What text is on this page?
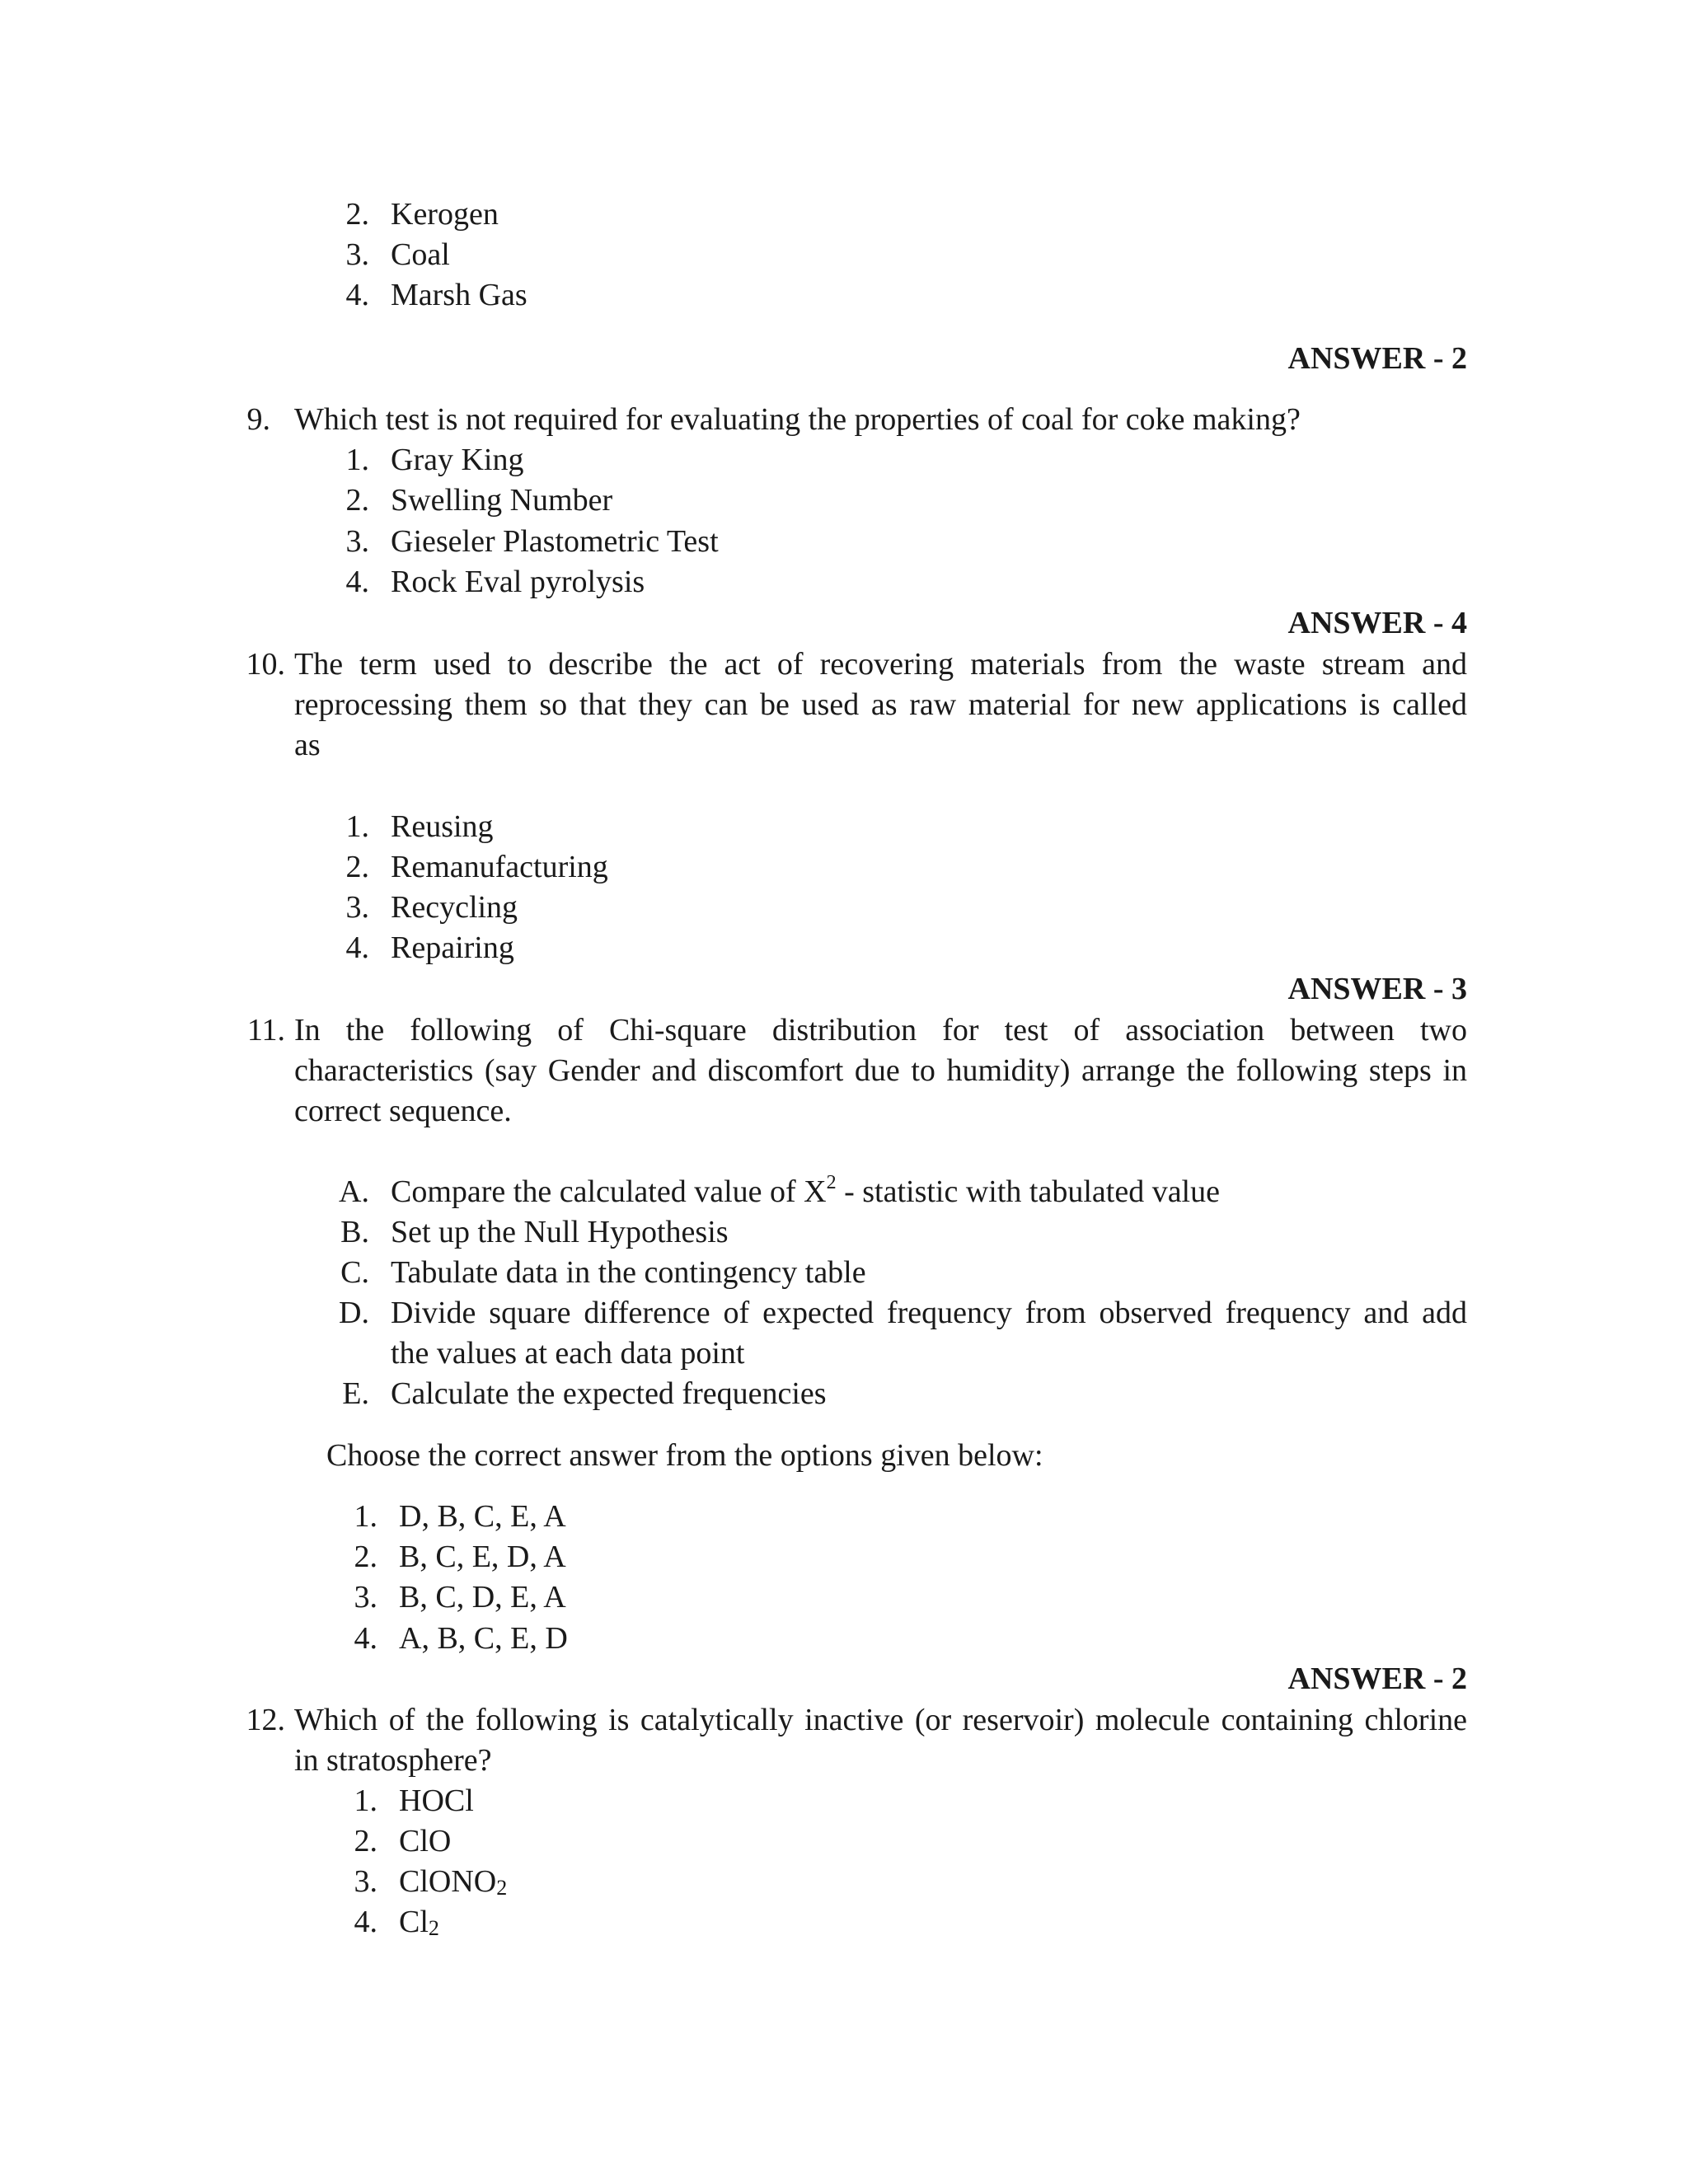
2. Kerogen
3. Coal
4. Marsh Gas
ANSWER - 2
9. Which test is not required for evaluating the properties of coal for coke making?
1. Gray King
2. Swelling Number
3. Gieseler Plastometric Test
4. Rock Eval pyrolysis
ANSWER - 4
10. The term used to describe the act of recovering materials from the waste stream and
reprocessing them so that they can be used as raw material for new applications is called
as
1. Reusing
2. Remanufacturing
3. Recycling
4. Repairing
ANSWER - 3
11. In the following of Chi-square distribution for test of association between two
characteristics (say Gender and discomfort due to humidity) arrange the following steps in
correct sequence.
A. Compare the calculated value of $X^2$ - statistic with tabulated value
B. Set up the Null Hypothesis
C. Tabulate data in the contingency table
D. Divide square difference of expected frequency from observed frequency and add
the values at each data point
E. Calculate the expected frequencies
Choose the correct answer from the options given below:
1. D, B, C, E, A
2. B, C, E, D, A
3. B, C, D, E, A
4. A, B, C, E, D
ANSWER - 2
12. Which of the following is catalytically inactive (or reservoir) molecule containing chlorine
in stratosphere?
1. HOCl
2. ClO
3. ClONO$_2$
4. $Cl_2$
